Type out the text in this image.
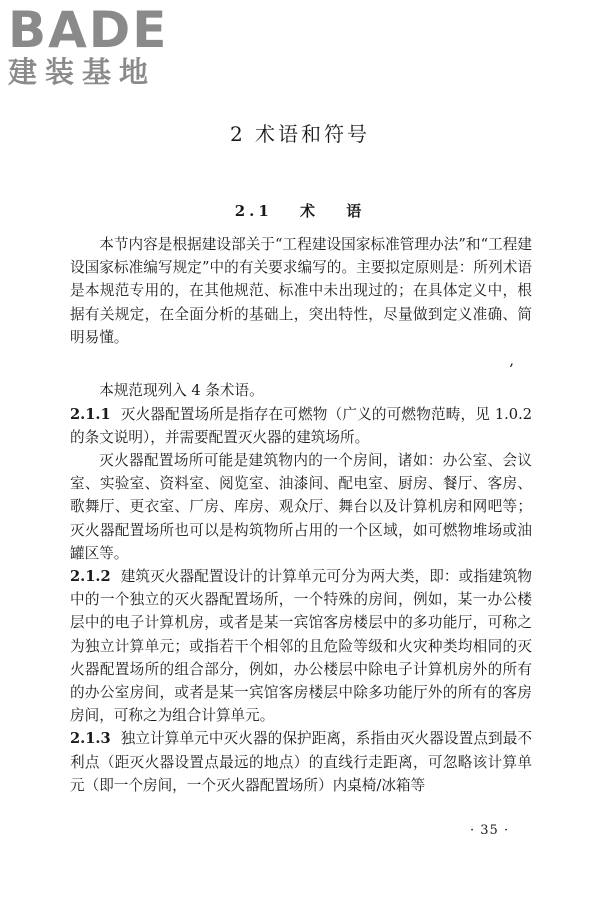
BADE
建装基地
2 术语和符号
2.1 术 语

本节内容是根据建设部关于“工程建设国家标准管理办法”和“工程建设国家标准编写规定”中的有关要求编写的。主要拟定原则是：所列术语是本规范专用的，在其他规范、标准中未出现过的；在具体定义中，根据有关规定，在全面分析的基础上，突出特性，尽量做到定义准确、简明易懂。

,

本规范现列入 4 条术语。

2.1.1 灭火器配置场所是指存在可燃物（广义的可燃物范畴，见 1.0.2 的条文说明），并需要配置灭火器的建筑场所。

灭火器配置场所可能是建筑物内的一个房间，诸如：办公室、会议室、实验室、资料室、阅览室、油漆间、配电室、厨房、餐厅、客房、歌舞厅、更衣室、厂房、库房、观众厅、舞台以及计算机房和网吧等；灭火器配置场所也可以是构筑物所占用的一个区域，如可燃物堆场或油罐区等。

2.1.2 建筑灭火器配置设计的计算单元可分为两大类，即：或指建筑物中的一个独立的灭火器配置场所，一个特殊的房间，例如，某一办公楼层中的电子计算机房，或者是某一宾馆客房楼层中的多功能厅，可称之为独立计算单元；或指若干个相邻的且危险等级和火灾种类均相同的灭火器配置场所的组合部分，例如，办公楼层中除电子计算机房外的所有的办公室房间，或者是某一宾馆客房楼层中除多功能厅外的所有的客房房间，可称之为组合计算单元。

2.1.3 独立计算单元中灭火器的保护距离，系指由灭火器设置点到最不利点（距灭火器设置点最远的地点）的直线行走距离，可忽略该计算单元（即一个房间，一个灭火器配置场所）内桌椅/冰箱等

· 35 ·
